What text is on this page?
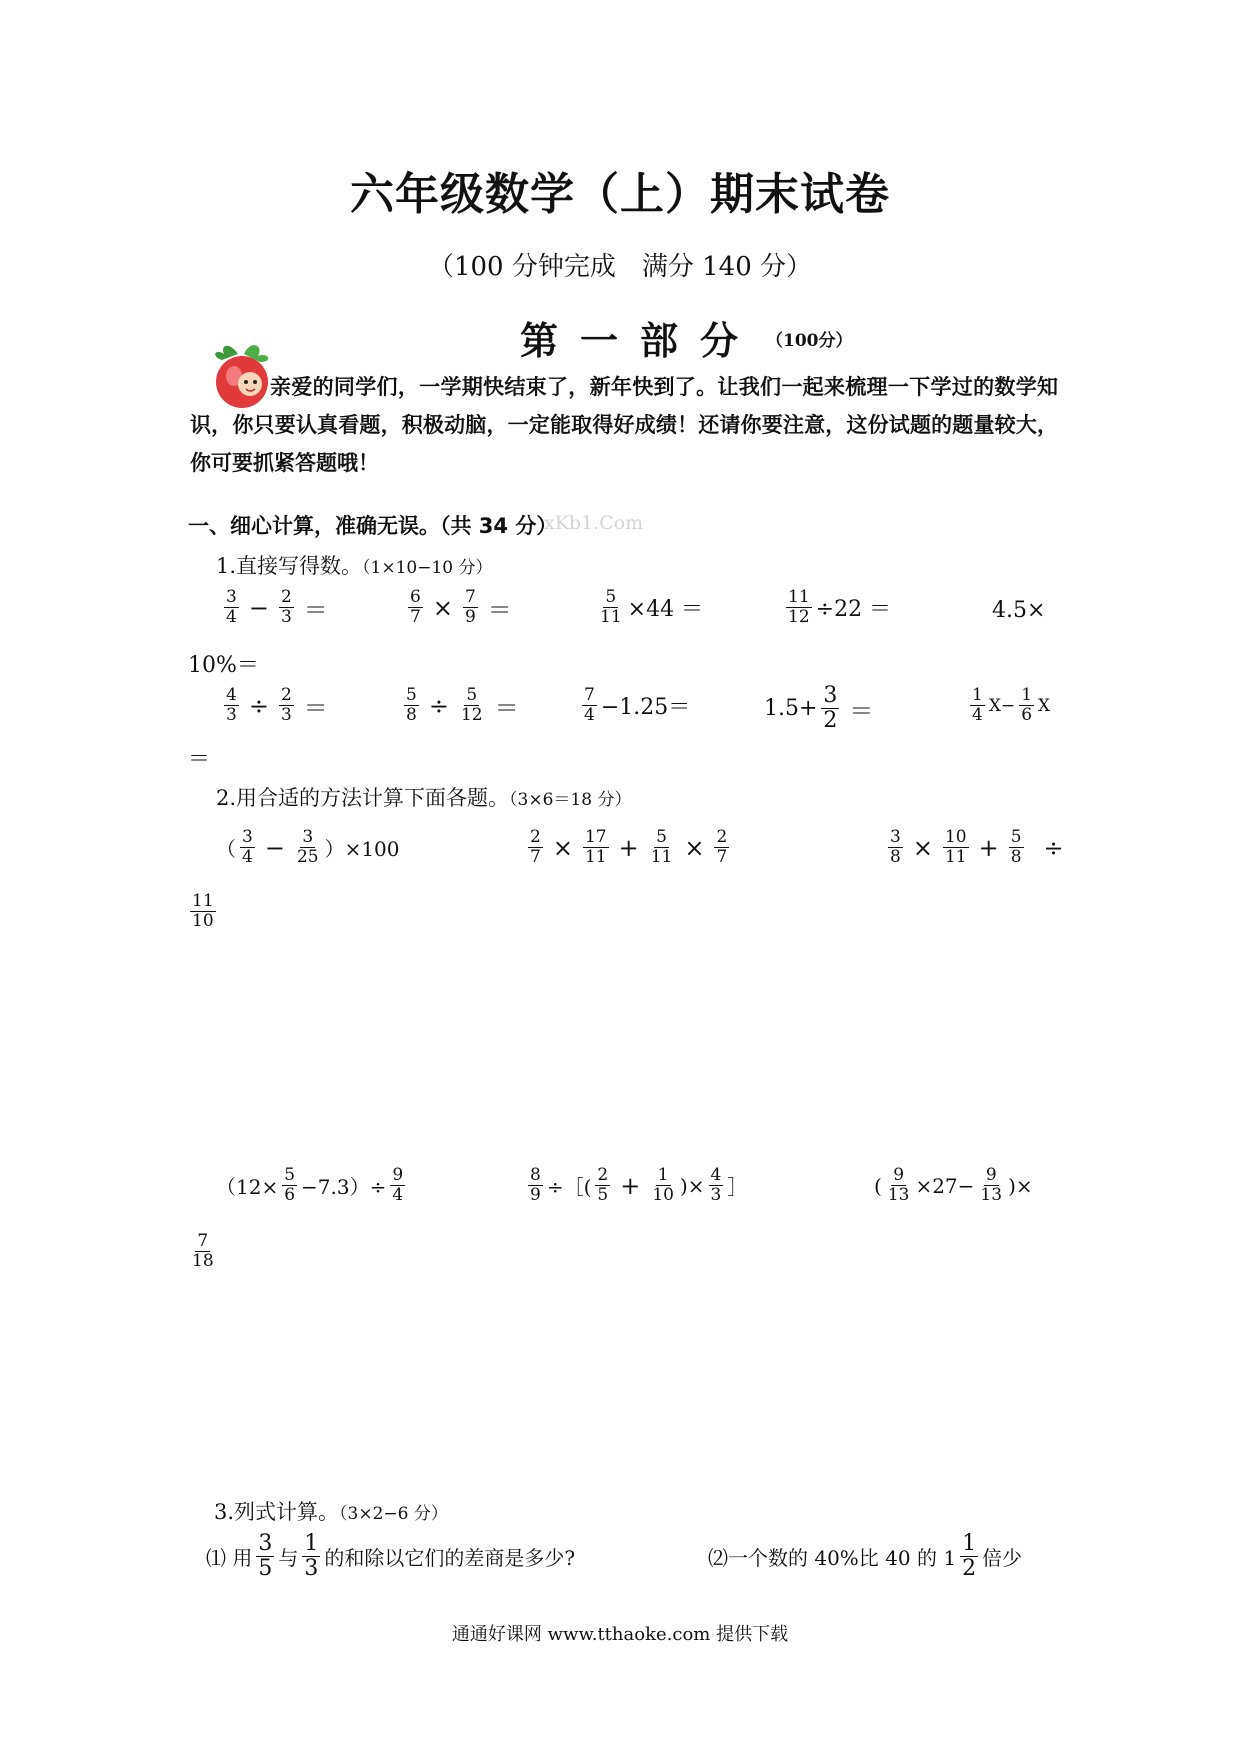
六年级数学（上）期末试卷
（100 分钟完成　满分 140 分）
第一部分 （100分）
亲爱的同学们，一学期快结束了，新年快到了。让我们一起来梳理一下学过的数学知识，你只要认真看题，积极动脑，一定能取得好成绩！还请你要注意，这份试题的题量较大，你可要抓紧答题哦！
一、细心计算，准确无误。（共 34 分）
xKb1.Com
1.直接写得数。（1×10−10 分）
$\frac{3}{4} - \frac{2}{3}$ ＝	$\frac{6}{7} \times \frac{7}{9}$ ＝	$\frac{5}{11} \times 44$ ＝	$\frac{11}{12} \div 22$ ＝	4.5×
10%＝
$\frac{4}{3} \div \frac{2}{3}$ ＝	$\frac{5}{8} \div \frac{5}{12}$ ＝	$\frac{7}{4} -1.25=$	$1.5+ \frac{3}{2}$ ＝	$\frac{1}{4} X- \frac{1}{6}$ X
＝
2.用合适的方法计算下面各题。（3×6＝18 分）
（ $\frac{3}{4} - \frac{3}{25} )\times 100$	$\frac{2}{7} \times \frac{17}{11} + \frac{5}{11} \times \frac{2}{7}$	$\frac{3}{8} \times \frac{10}{11} + \frac{5}{8}$ ÷
$\frac{11}{10}$
$(12\times \frac{5}{6} -7.3)\div \frac{9}{4}$	$\frac{8}{9}$ ÷［( $\frac{2}{5} + \frac{1}{10}$ )× $\frac{4}{3}$ ］	( $\frac{9}{13} \times 27- \frac{9}{13}$ )×
$\frac{7}{18}$
3.列式计算。（3×2−6 分）
⑴ 用 $\frac{3}{5}$ 与 $\frac{1}{3}$ 的和除以它们的差商是多少?	⑵一个数的 40%比 40 的 $1 \frac{1}{2}$ 倍少
通通好课网 www.tthaoke.com 提供下载
